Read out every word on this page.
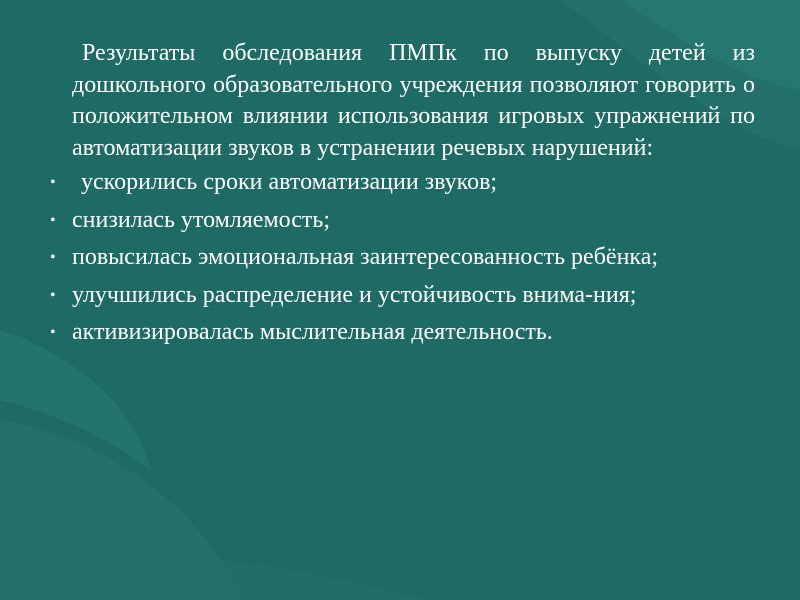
Результаты обследования ПМПк по выпуску детей из дошкольного образовательного учреждения позволяют говорить о положительном влиянии использования игровых упражнений по автоматизации звуков в устранении речевых нарушений:

• ускорились сроки автоматизации звуков;
• снизилась утомляемость;
• повысилась эмоциональная заинтересованность ребёнка;
• улучшились распределение и устойчивость внима-ния;
• активизировалась мыслительная деятельность.
